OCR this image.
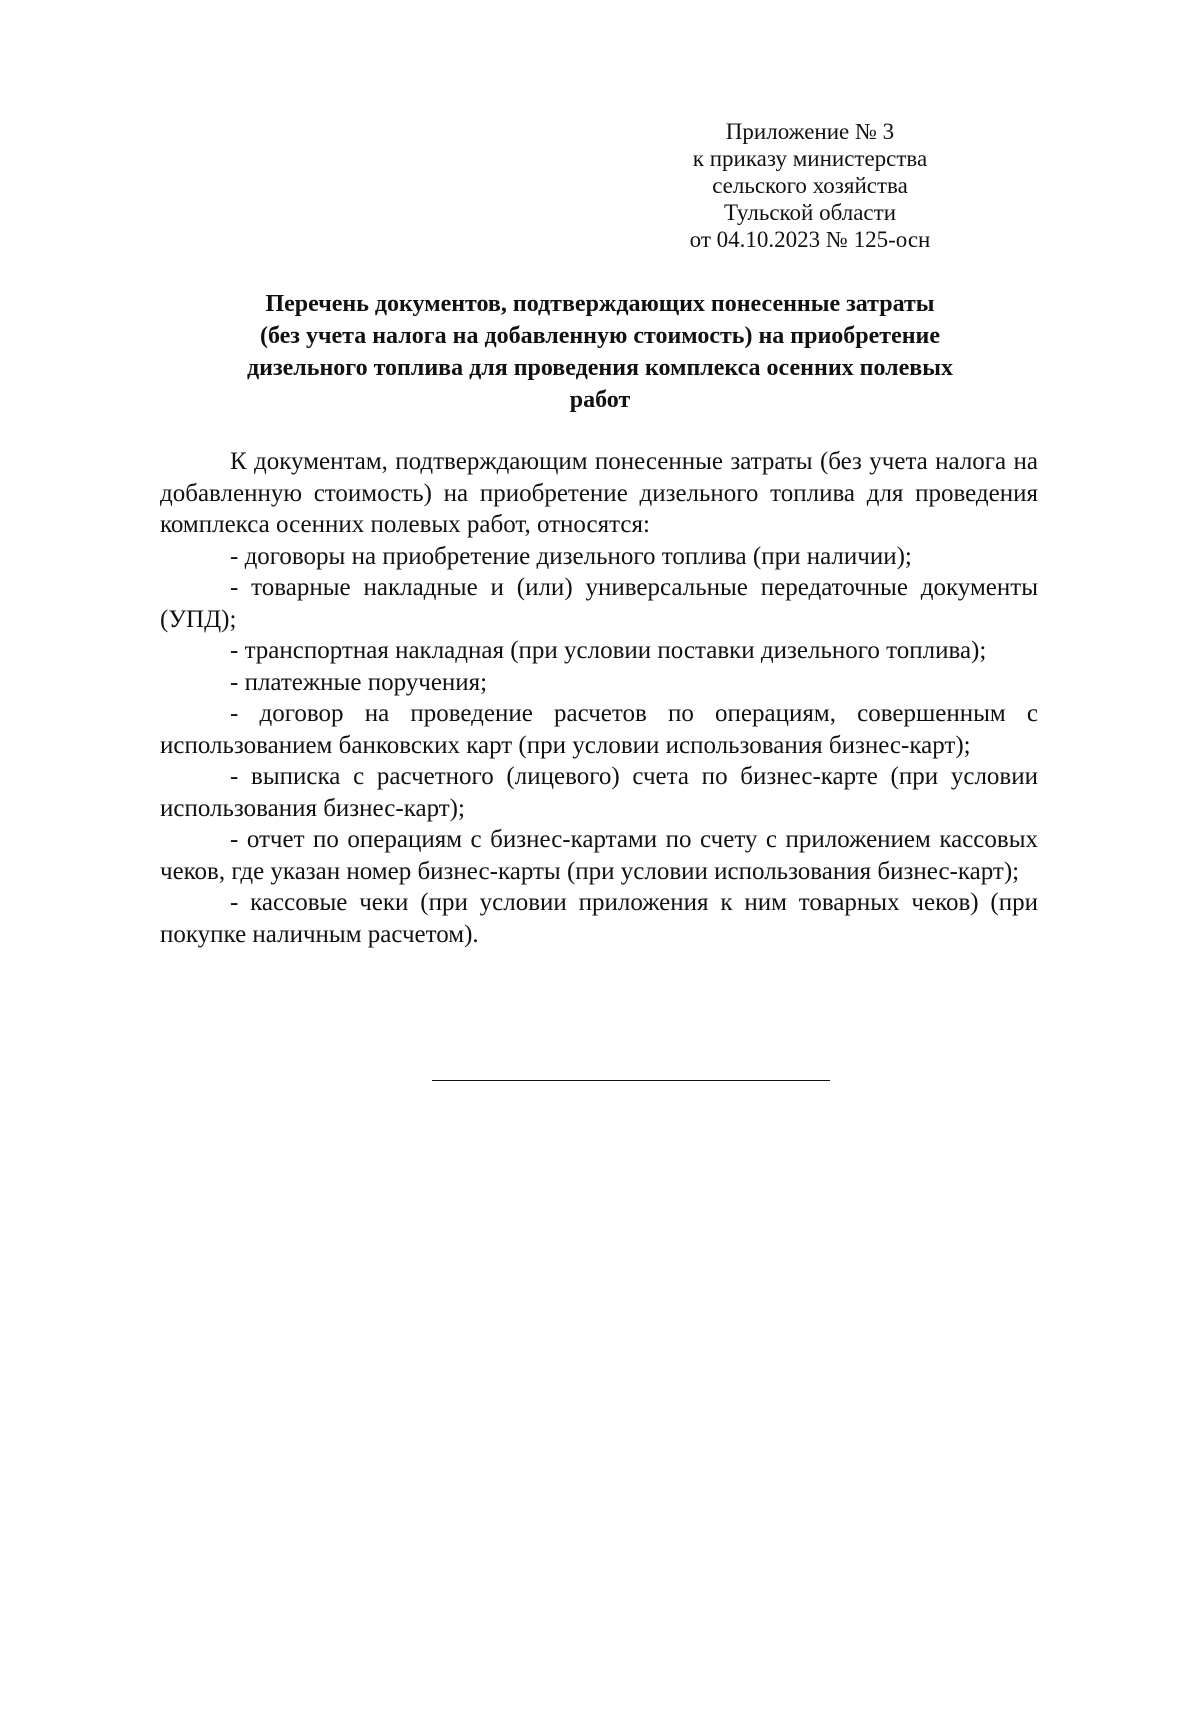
Приложение № 3
к приказу министерства
сельского хозяйства
Тульской области
от 04.10.2023 № 125-осн
Перечень документов, подтверждающих понесенные затраты
(без учета налога на добавленную стоимость) на приобретение
дизельного топлива для проведения комплекса осенних полевых
работ

К документам, подтверждающим понесенные затраты (без учета налога на добавленную стоимость) на приобретение дизельного топлива для проведения комплекса осенних полевых работ, относятся:

- договоры на приобретение дизельного топлива (при наличии);

- товарные накладные и (или) универсальные передаточные документы (УПД);

- транспортная накладная (при условии поставки дизельного топлива);

- платежные поручения;

- договор на проведение расчетов по операциям, совершенным с использованием банковских карт (при условии использования бизнес-карт);

- выписка с расчетного (лицевого) счета по бизнес-карте (при условии использования бизнес-карт);

- отчет по операциям с бизнес-картами по счету с приложением кассовых чеков, где указан номер бизнес-карты (при условии использования бизнес-карт);

- кассовые чеки (при условии приложения к ним товарных чеков) (при покупке наличным расчетом).
